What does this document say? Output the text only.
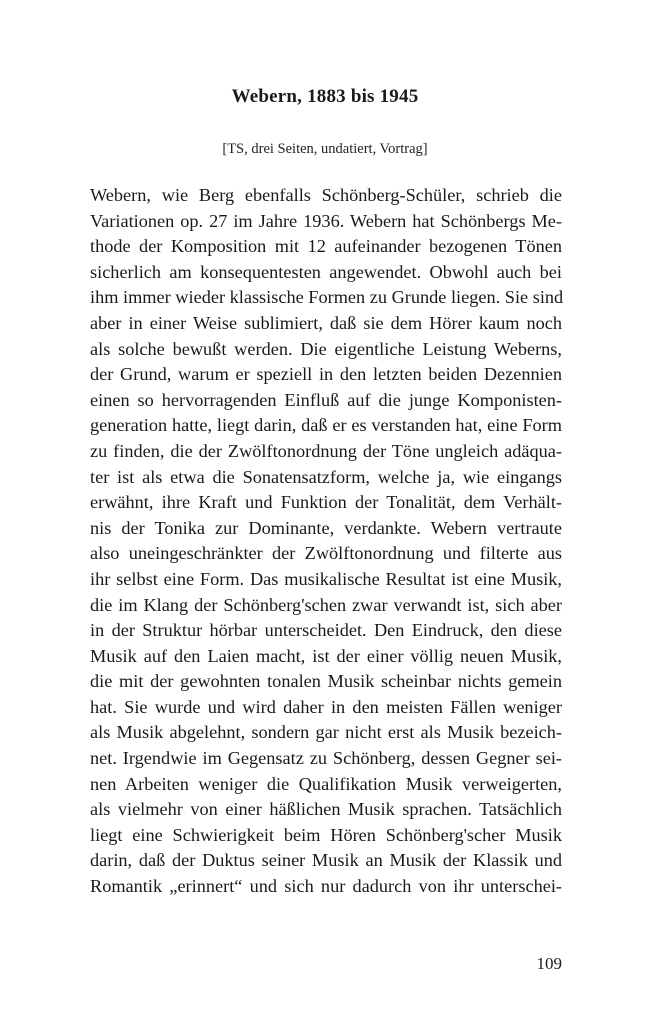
Webern, 1883 bis 1945
[TS, drei Seiten, undatiert, Vortrag]
Webern, wie Berg ebenfalls Schönberg-Schüler, schrieb die
Variationen op. 27 im Jahre 1936. Webern hat Schönbergs Me-
thode der Komposition mit 12 aufeinander bezogenen Tönen
sicherlich am konsequentesten angewendet. Obwohl auch bei
ihm immer wieder klassische Formen zu Grunde liegen. Sie sind
aber in einer Weise sublimiert, daß sie dem Hörer kaum noch
als solche bewußt werden. Die eigentliche Leistung Weberns,
der Grund, warum er speziell in den letzten beiden Dezennien
einen so hervorragenden Einfluß auf die junge Komponisten-
generation hatte, liegt darin, daß er es verstanden hat, eine Form
zu finden, die der Zwölftonordnung der Töne ungleich adäqua-
ter ist als etwa die Sonatensatzform, welche ja, wie eingangs
erwähnt, ihre Kraft und Funktion der Tonalität, dem Verhält-
nis der Tonika zur Dominante, verdankte. Webern vertraute
also uneingeschränkter der Zwölftonordnung und filterte aus
ihr selbst eine Form. Das musikalische Resultat ist eine Musik,
die im Klang der Schönberg'schen zwar verwandt ist, sich aber
in der Struktur hörbar unterscheidet. Den Eindruck, den diese
Musik auf den Laien macht, ist der einer völlig neuen Musik,
die mit der gewohnten tonalen Musik scheinbar nichts gemein
hat. Sie wurde und wird daher in den meisten Fällen weniger
als Musik abgelehnt, sondern gar nicht erst als Musik bezeich-
net. Irgendwie im Gegensatz zu Schönberg, dessen Gegner sei-
nen Arbeiten weniger die Qualifikation Musik verweigerten,
als vielmehr von einer häßlichen Musik sprachen. Tatsächlich
liegt eine Schwierigkeit beim Hören Schönberg'scher Musik
darin, daß der Duktus seiner Musik an Musik der Klassik und
Romantik „erinnert“ und sich nur dadurch von ihr unterschei-
109
